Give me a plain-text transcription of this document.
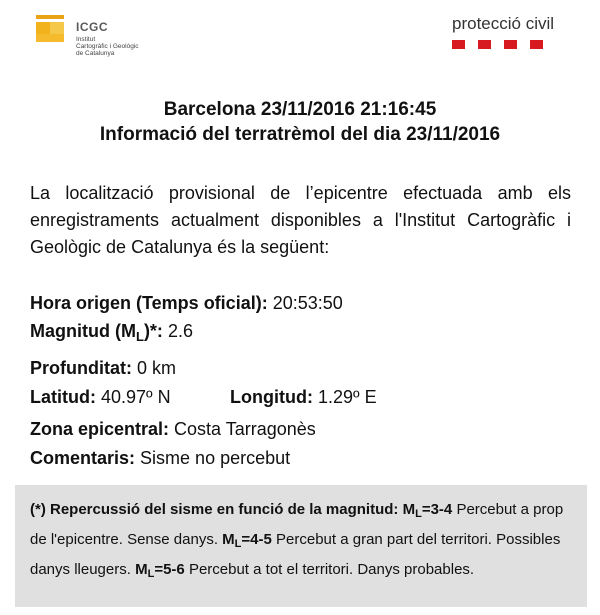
ICGC
Institut
Cartogràfic i Geològic
de Catalunya
protecció civil
Barcelona 23/11/2016 21:16:45
Informació del terratrèmol del dia 23/11/2016
La localització provisional de l’epicentre efectuada amb els enregistraments actualment disponibles a l'Institut Cartogràfic i Geològic de Catalunya és la següent:
Hora origen (Temps oficial): 20:53:50
Magnitud $(M_L)*$: 2.6
Profunditat: 0 km
Latitud: 40.97º N	Longitud: 1.29º E
Zona epicentral: Costa Tarragonès
Comentaris: Sisme no percebut
(*) Repercussió del sisme en funció de la magnitud: $M_L=3-4$ Percebut a prop de l'epicentre. Sense danys. $M_L=4-5$ Percebut a gran part del territori. Possibles danys lleugers. $M_L=5-6$ Percebut a tot el territori. Danys probables.
